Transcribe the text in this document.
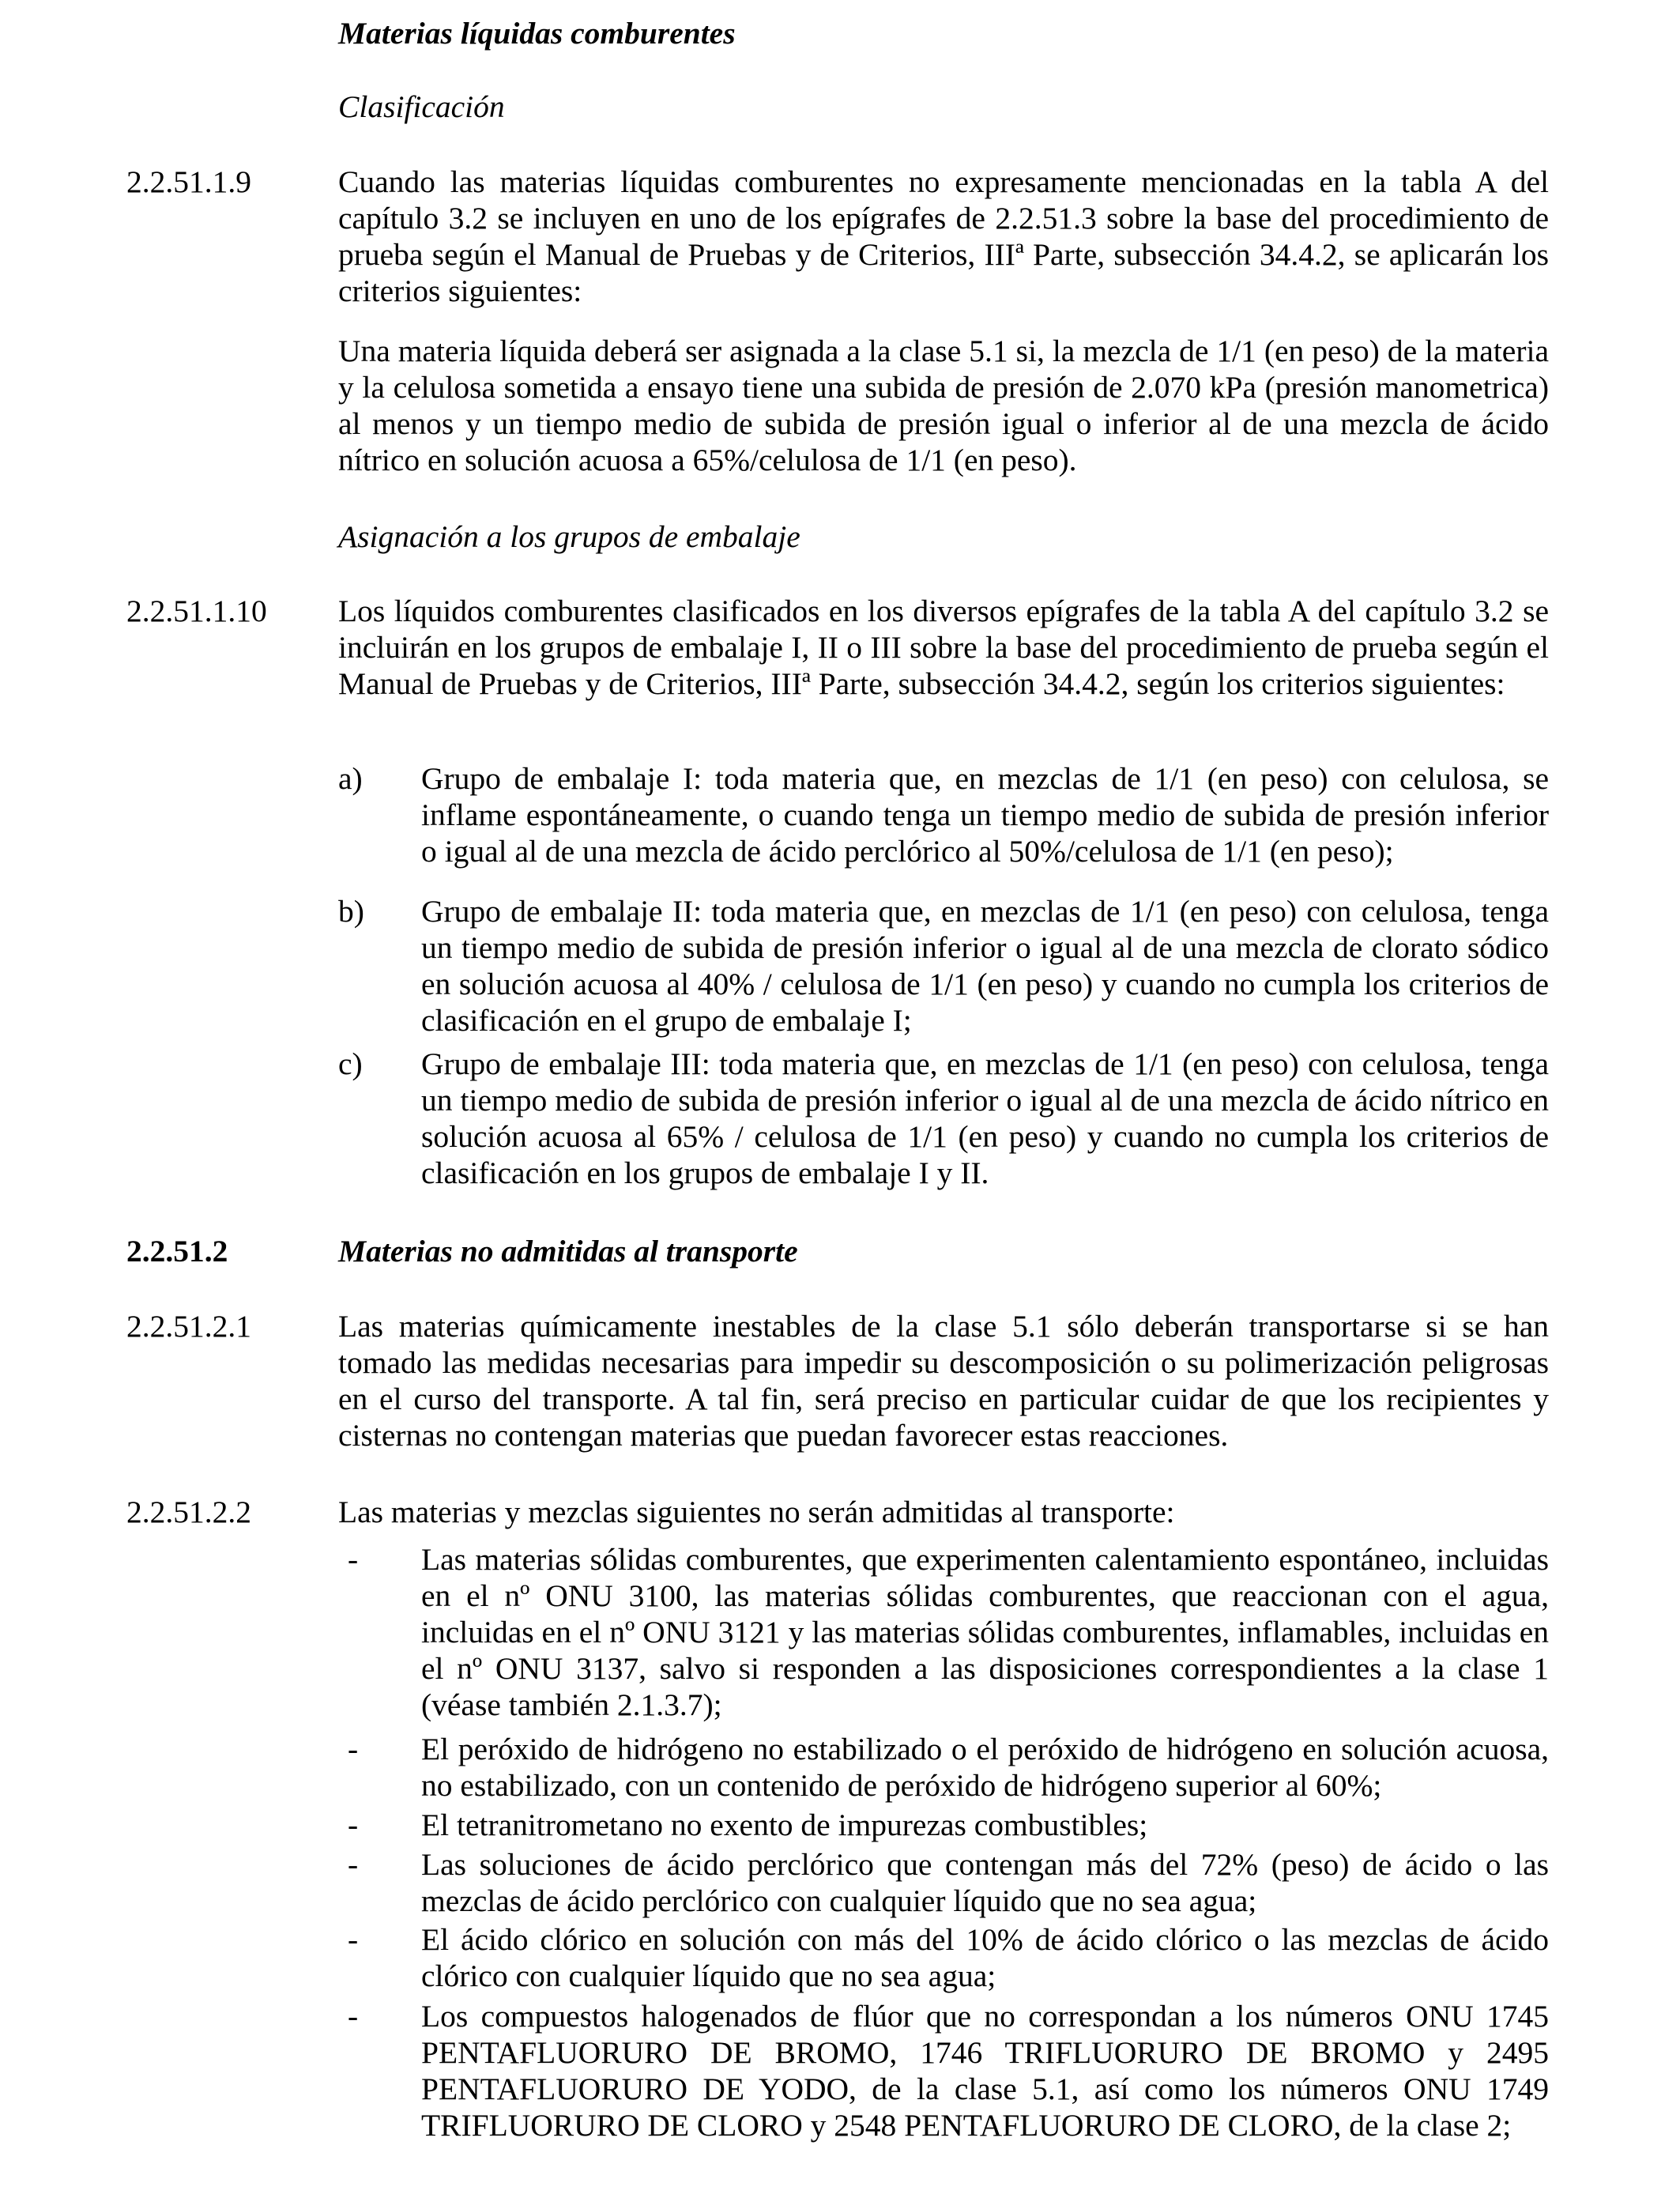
Materias líquidas comburentes
Clasificación
2.2.51.1.9	Cuando las materias líquidas comburentes no expresamente mencionadas en la tabla A del capítulo 3.2 se incluyen en uno de los epígrafes de 2.2.51.3 sobre la base del procedimiento de prueba según el Manual de Pruebas y de Criterios, IIIª Parte, subsección 34.4.2, se aplicarán los criterios siguientes:
Una materia líquida deberá ser asignada a la clase 5.1 si, la mezcla de 1/1 (en peso) de la materia y la celulosa sometida a ensayo tiene una subida de presión de 2.070 kPa (presión manometrica) al menos y un tiempo medio de subida de presión igual o inferior al de una mezcla de ácido nítrico en solución acuosa a 65%/celulosa de 1/1 (en peso).
Asignación a los grupos de embalaje
2.2.51.1.10 Los líquidos comburentes clasificados en los diversos epígrafes de la tabla A del capítulo 3.2 se incluirán en los grupos de embalaje I, II o III sobre la base del procedimiento de prueba según el Manual de Pruebas y de Criterios, IIIª Parte, subsección 34.4.2, según los criterios siguientes:
a) Grupo de embalaje I: toda materia que, en mezclas de 1/1 (en peso) con celulosa, se inflame espontáneamente, o cuando tenga un tiempo medio de subida de presión inferior o igual al de una mezcla de ácido perclórico al 50%/celulosa de 1/1 (en peso);
b) Grupo de embalaje II: toda materia que, en mezclas de 1/1 (en peso) con celulosa, tenga un tiempo medio de subida de presión inferior o igual al de una mezcla de clorato sódico en solución acuosa al 40% / celulosa de 1/1 (en peso) y cuando no cumpla los criterios de clasificación en el grupo de embalaje I;
c) Grupo de embalaje III: toda materia que, en mezclas de 1/1 (en peso) con celulosa, tenga un tiempo medio de subida de presión inferior o igual al de una mezcla de ácido nítrico en solución acuosa al 65% / celulosa de 1/1 (en peso) y cuando no cumpla los criterios de clasificación en los grupos de embalaje I y II.
2.2.51.2	Materias no admitidas al transporte
2.2.51.2.1	Las materias químicamente inestables de la clase 5.1 sólo deberán transportarse si se han tomado las medidas necesarias para impedir su descomposición o su polimerización peligrosas en el curso del transporte. A tal fin, será preciso en particular cuidar de que los recipientes y cisternas no contengan materias que puedan favorecer estas reacciones.
2.2.51.2.2	Las materias y mezclas siguientes no serán admitidas al transporte:
- Las materias sólidas comburentes, que experimenten calentamiento espontáneo, incluidas en el nº ONU 3100, las materias sólidas comburentes, que reaccionan con el agua, incluidas en el nº ONU 3121 y las materias sólidas comburentes, inflamables, incluidas en el nº ONU 3137, salvo si responden a las disposiciones correspondientes a la clase 1 (véase también 2.1.3.7);
- El peróxido de hidrógeno no estabilizado o el peróxido de hidrógeno en solución acuosa, no estabilizado, con un contenido de peróxido de hidrógeno superior al 60%;
- El tetranitrometano no exento de impurezas combustibles;
- Las soluciones de ácido perclórico que contengan más del 72% (peso) de ácido o las mezclas de ácido perclórico con cualquier líquido que no sea agua;
- El ácido clórico en solución con más del 10% de ácido clórico o las mezclas de ácido clórico con cualquier líquido que no sea agua;
- Los compuestos halogenados de flúor que no correspondan a los números ONU 1745 PENTAFLUORURO DE BROMO, 1746 TRIFLUORURO DE BROMO y 2495 PENTAFLUORURO DE YODO, de la clase 5.1, así como los números ONU 1749 TRIFLUORURO DE CLORO y 2548 PENTAFLUORURO DE CLORO, de la clase 2;
